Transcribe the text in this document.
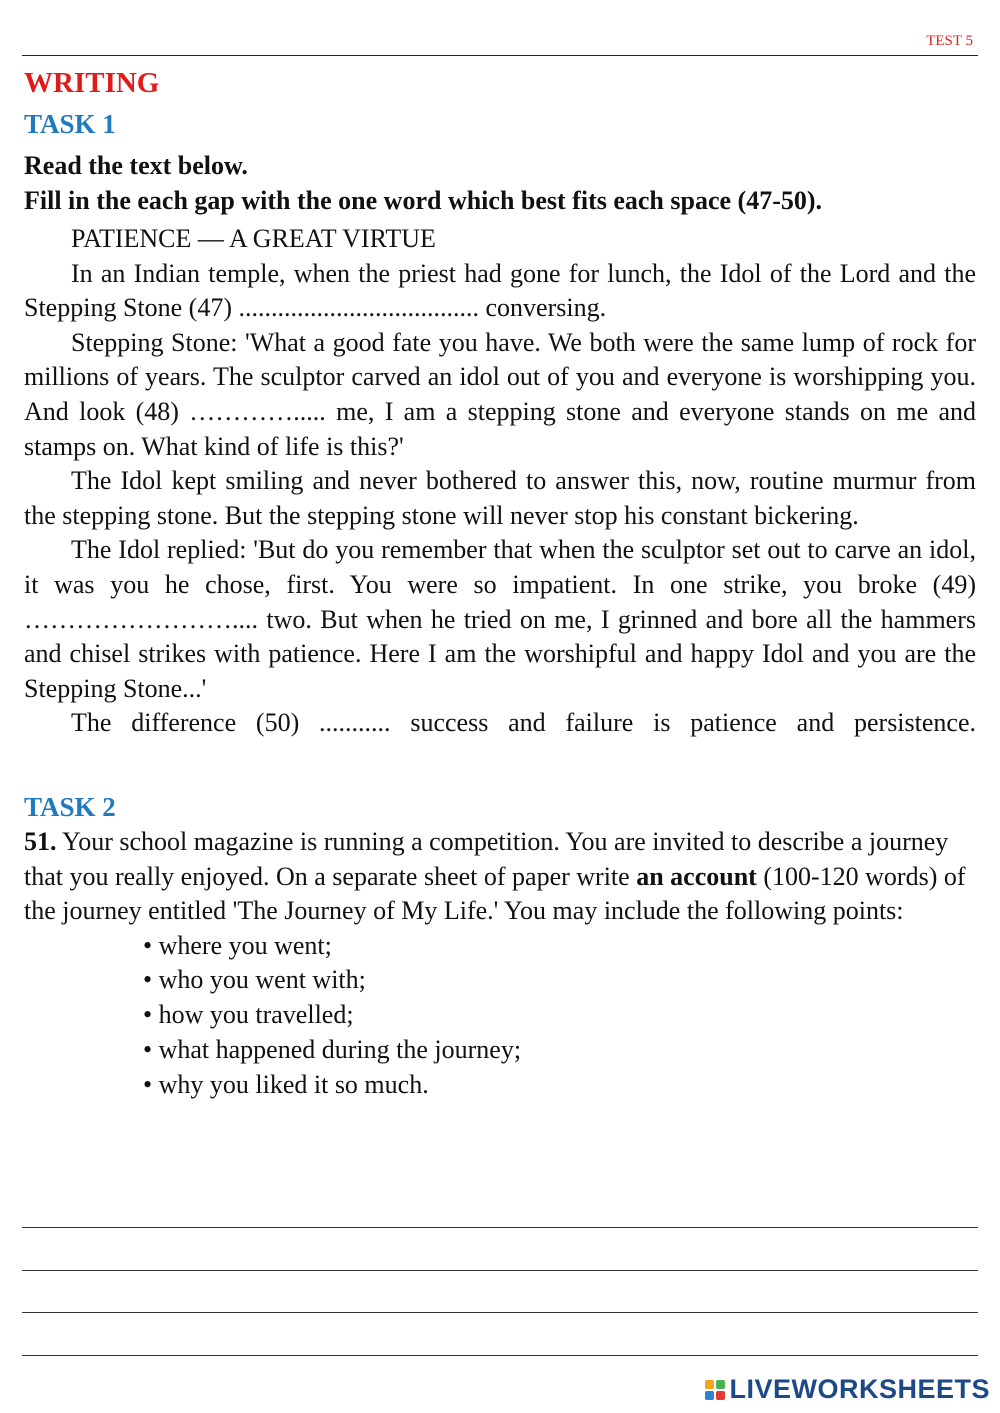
TEST 5
WRITING
TASK 1

Read the text below.

Fill in the each gap with the one word which best fits each space (47-50).

PATIENCE — A GREAT VIRTUE

In an Indian temple, when the priest had gone for lunch, the Idol of the Lord and the Stepping Stone (47) ..................................... conversing.

Stepping Stone: 'What a good fate you have. We both were the same lump of rock for millions of years. The sculptor carved an idol out of you and everyone is worshipping you. And look (48) …………..... me, I am a stepping stone and everyone stands on me and stamps on. What kind of life is this?'

The Idol kept smiling and never bothered to answer this, now, routine murmur from the stepping stone. But the stepping stone will never stop his constant bickering.

The Idol replied: 'But do you remember that when the sculptor set out to carve an idol, it was you he chose, first. You were so impatient. In one strike, you broke (49) …………………….... two. But when he tried on me, I grinned and bore all the hammers and chisel strikes with patience. Here I am the worshipful and happy Idol and you are the Stepping Stone...'

The difference (50) ........... success and failure is patience and persistence.

TASK 2

51. Your school magazine is running a competition. You are invited to describe a journey that you really enjoyed. On a separate sheet of paper write an account (100-120 words) of the journey entitled 'The Journey of My Life.' You may include the following points:

• where you went;
• who you went with;
• how you travelled;
• what happened during the journey;
• why you liked it so much.
LIVEWORKSHEETS
